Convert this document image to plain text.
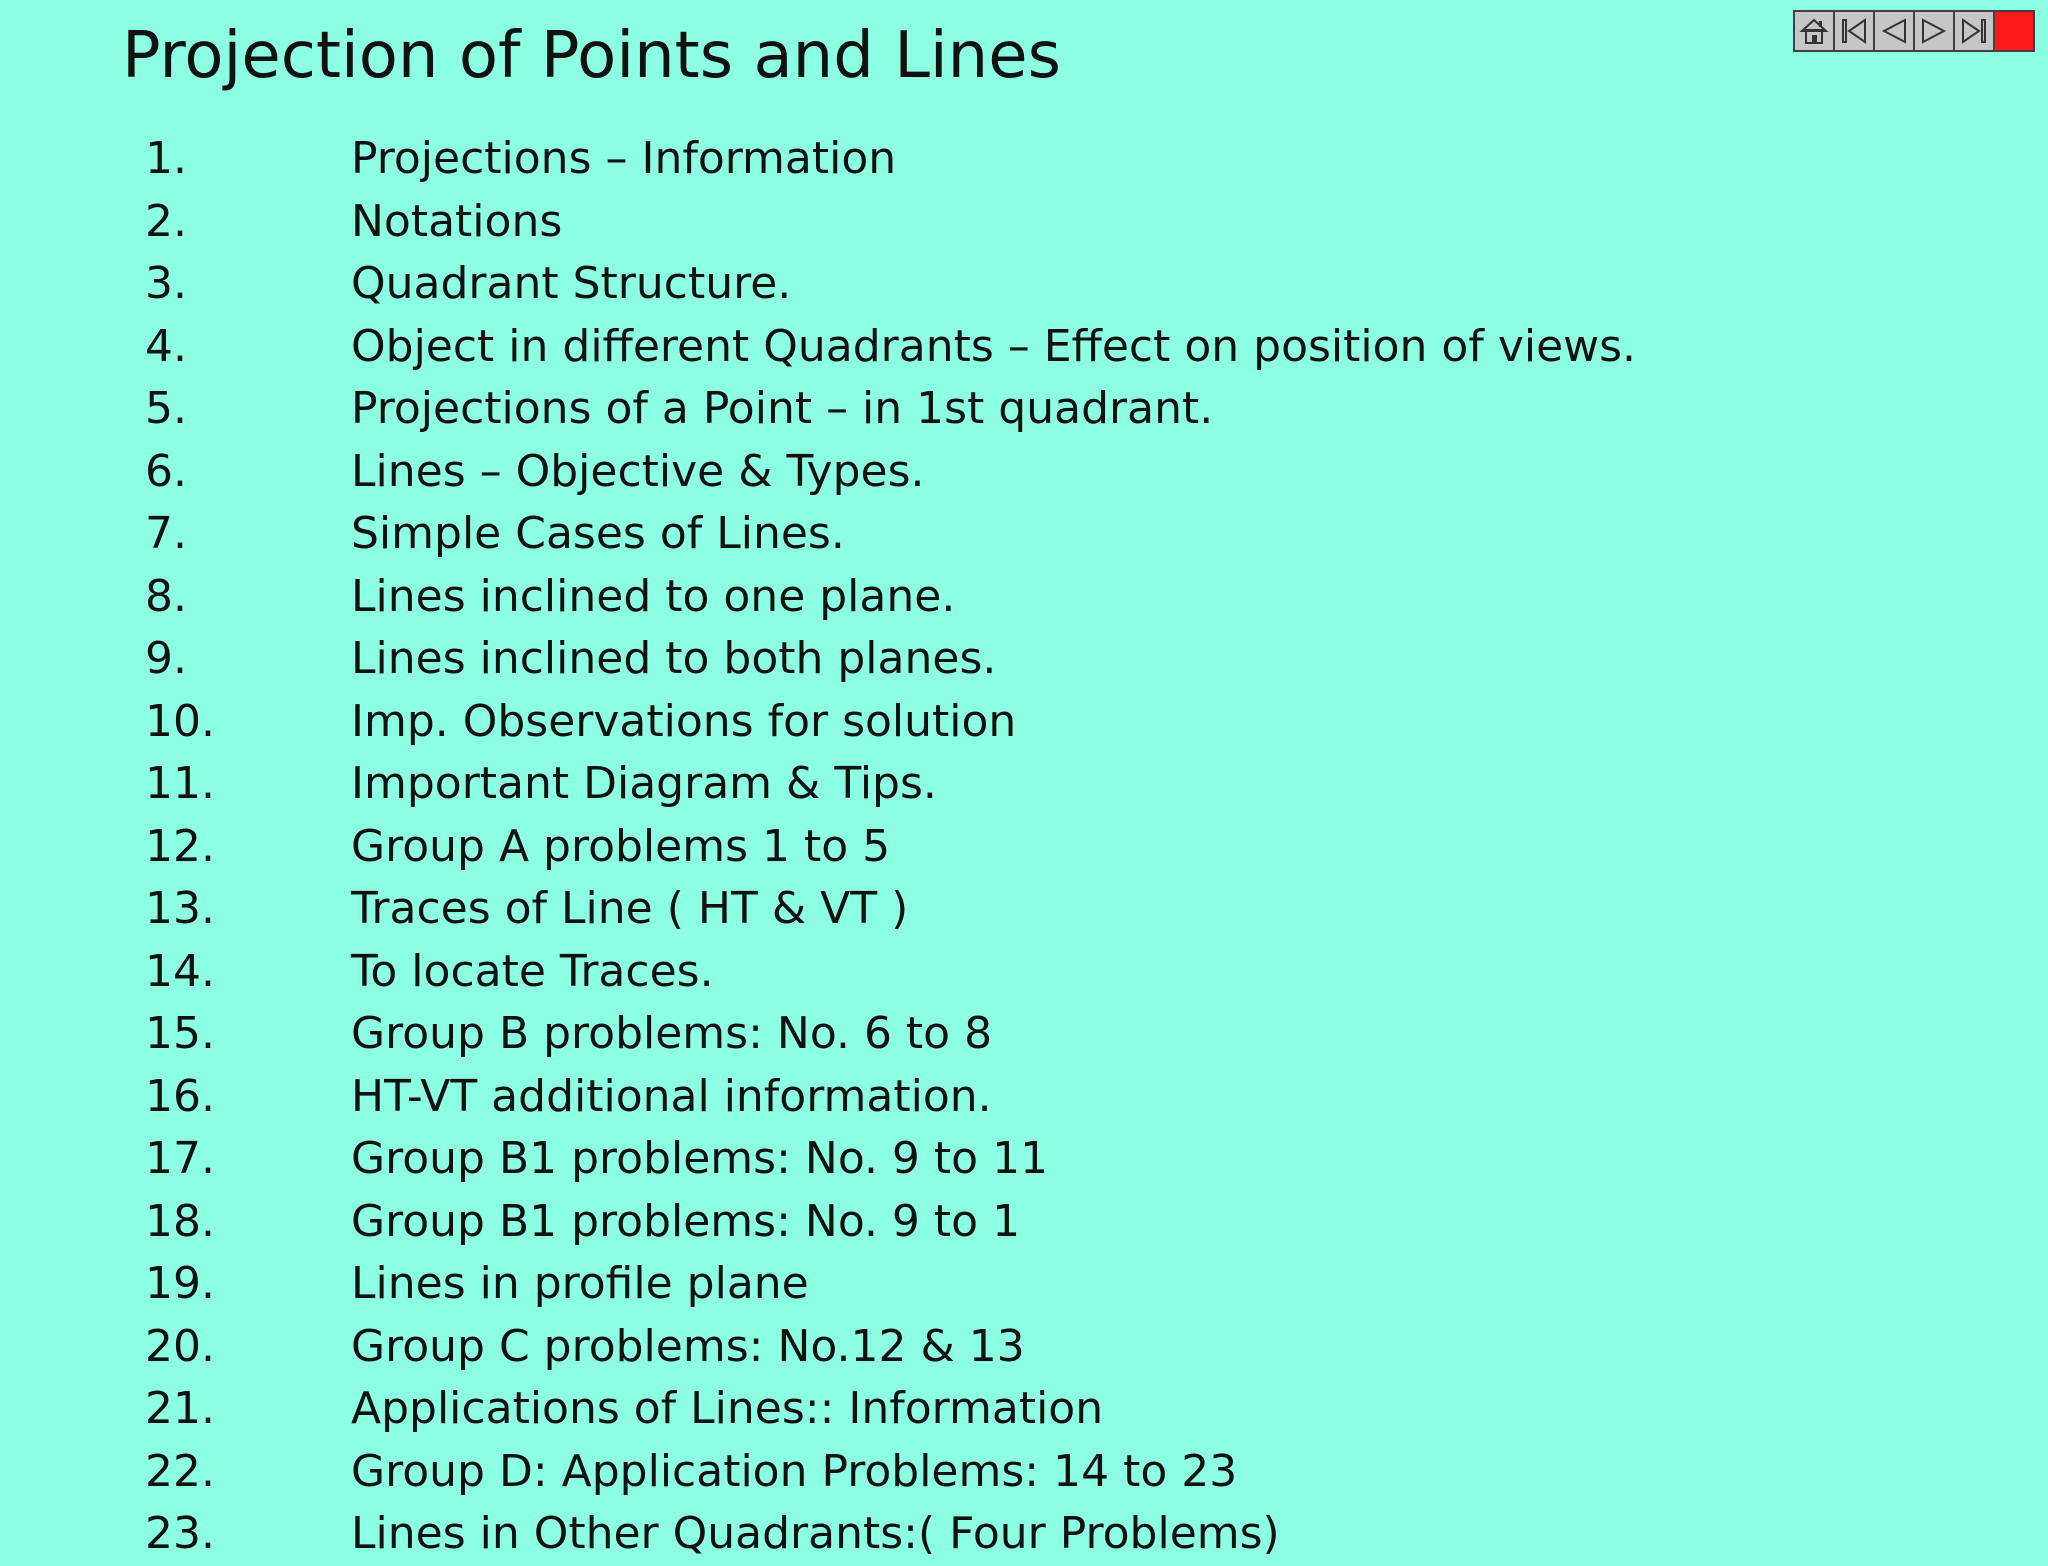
Projection of Points and Lines
1.	Projections – Information
2.	Notations
3.	Quadrant Structure.
4.	Object in different Quadrants – Effect on position of views.
5.	Projections of a Point – in 1st quadrant.
6.	Lines – Objective & Types.
7.	Simple Cases of Lines.
8.	Lines inclined to one plane.
9.	Lines inclined to both planes.
10.	Imp. Observations for solution
11.	Important Diagram & Tips.
12.	Group A problems 1 to 5
13.	Traces of Line ( HT & VT )
14.	To locate Traces.
15.	Group B problems: No. 6 to 8
16.	HT-VT additional information.
17.	Group B1 problems: No. 9 to 11
18.	Group B1 problems: No. 9 to 1
19.	Lines in profile plane
20.	Group C problems: No.12 & 13
21.	Applications of Lines:: Information
22.	Group D: Application Problems: 14 to 23
23.	Lines in Other Quadrants:( Four Problems)
